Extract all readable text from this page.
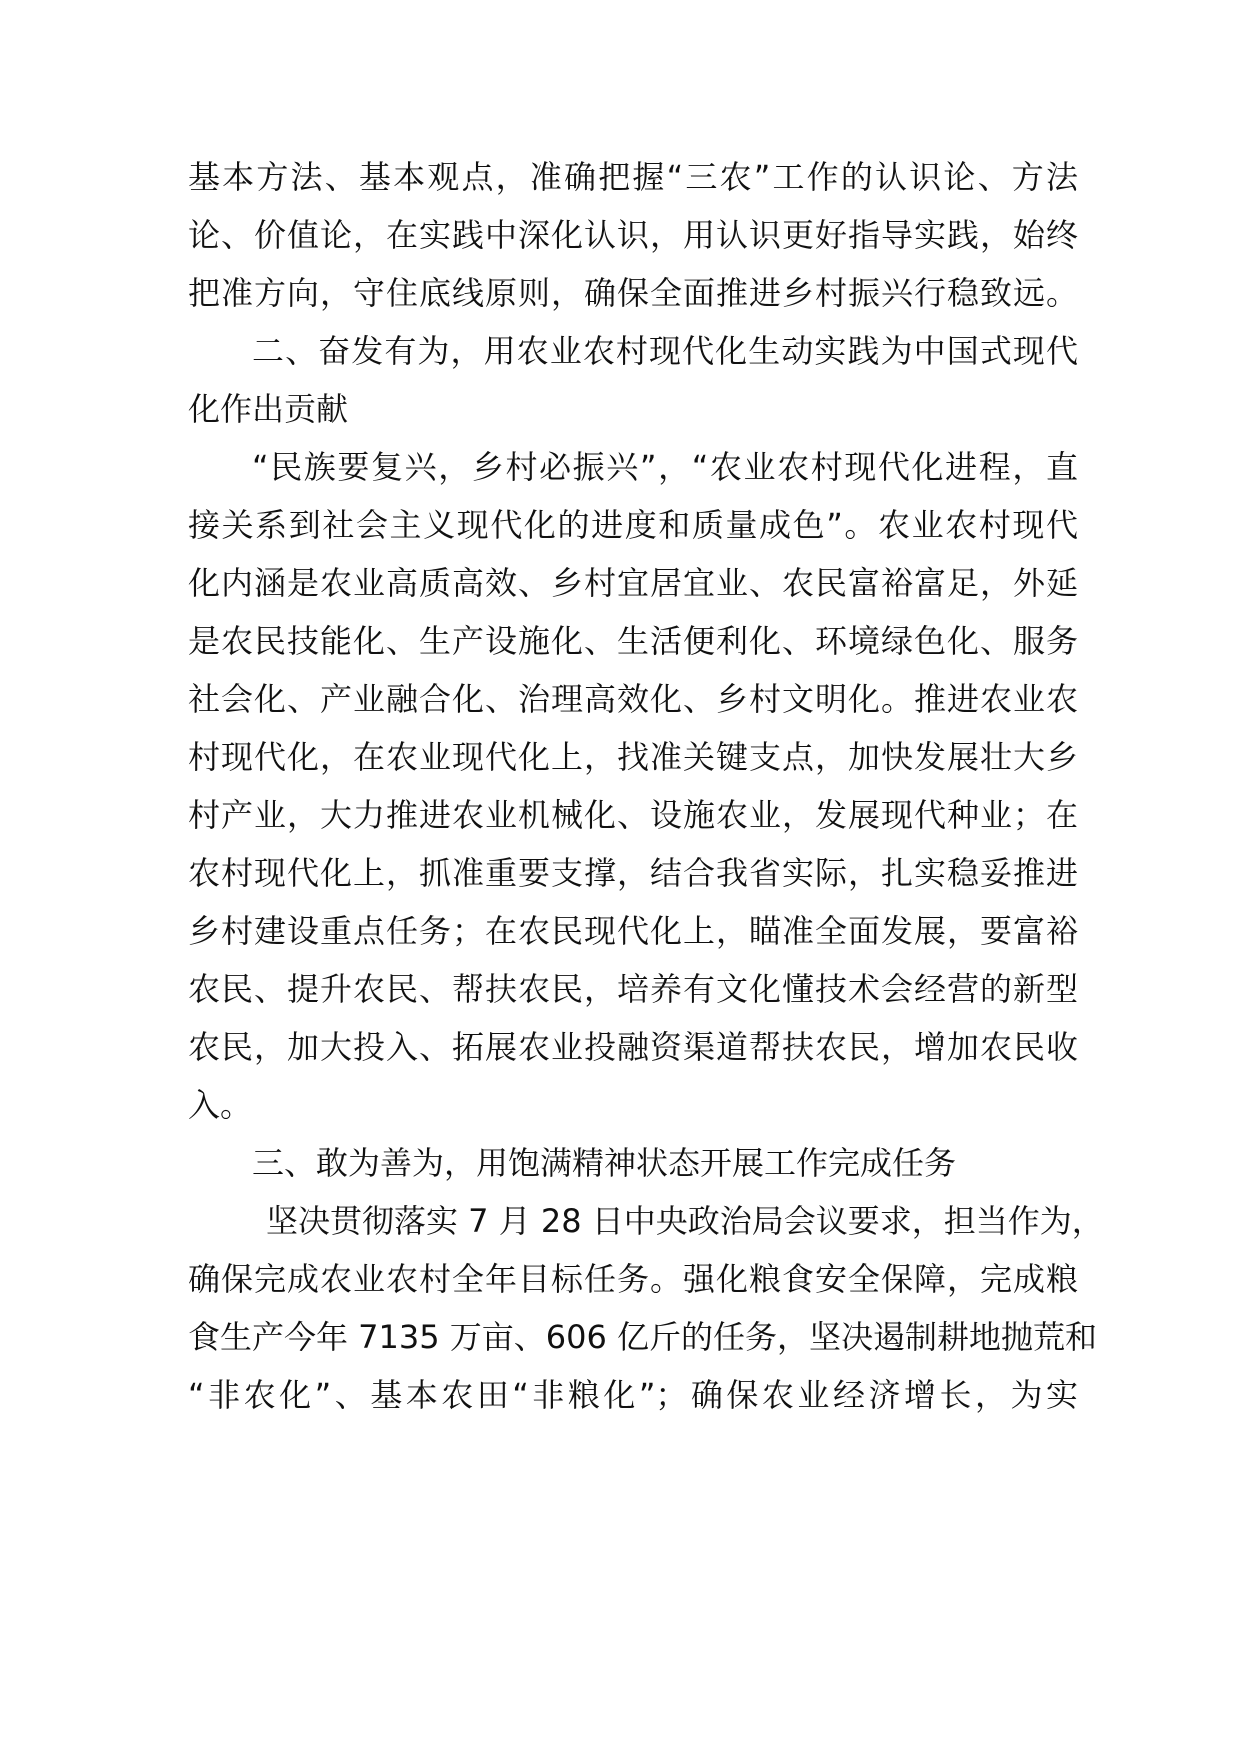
基本方法、基本观点，准确把握“三农”工作的认识论、方法
论、价值论，在实践中深化认识，用认识更好指导实践，始终
把准方向，守住底线原则，确保全面推进乡村振兴行稳致远。
二、奋发有为，用农业农村现代化生动实践为中国式现代
化作出贡献
“民族要复兴，乡村必振兴”，“农业农村现代化进程，直
接关系到社会主义现代化的进度和质量成色”。农业农村现代
化内涵是农业高质高效、乡村宜居宜业、农民富裕富足，外延
是农民技能化、生产设施化、生活便利化、环境绿色化、服务
社会化、产业融合化、治理高效化、乡村文明化。推进农业农
村现代化，在农业现代化上，找准关键支点，加快发展壮大乡
村产业，大力推进农业机械化、设施农业，发展现代种业；在
农村现代化上，抓准重要支撑，结合我省实际，扎实稳妥推进
乡村建设重点任务；在农民现代化上，瞄准全面发展，要富裕
农民、提升农民、帮扶农民，培养有文化懂技术会经营的新型
农民，加大投入、拓展农业投融资渠道帮扶农民，增加农民收
入。
三、敢为善为，用饱满精神状态开展工作完成任务
坚决贯彻落实 7 月 28 日中央政治局会议要求，担当作为，
确保完成农业农村全年目标任务。强化粮食安全保障，完成粮
食生产今年 7135 万亩、606 亿斤的任务，坚决遏制耕地抛荒和
“非农化”、基本农田“非粮化”；确保农业经济增长，为实
